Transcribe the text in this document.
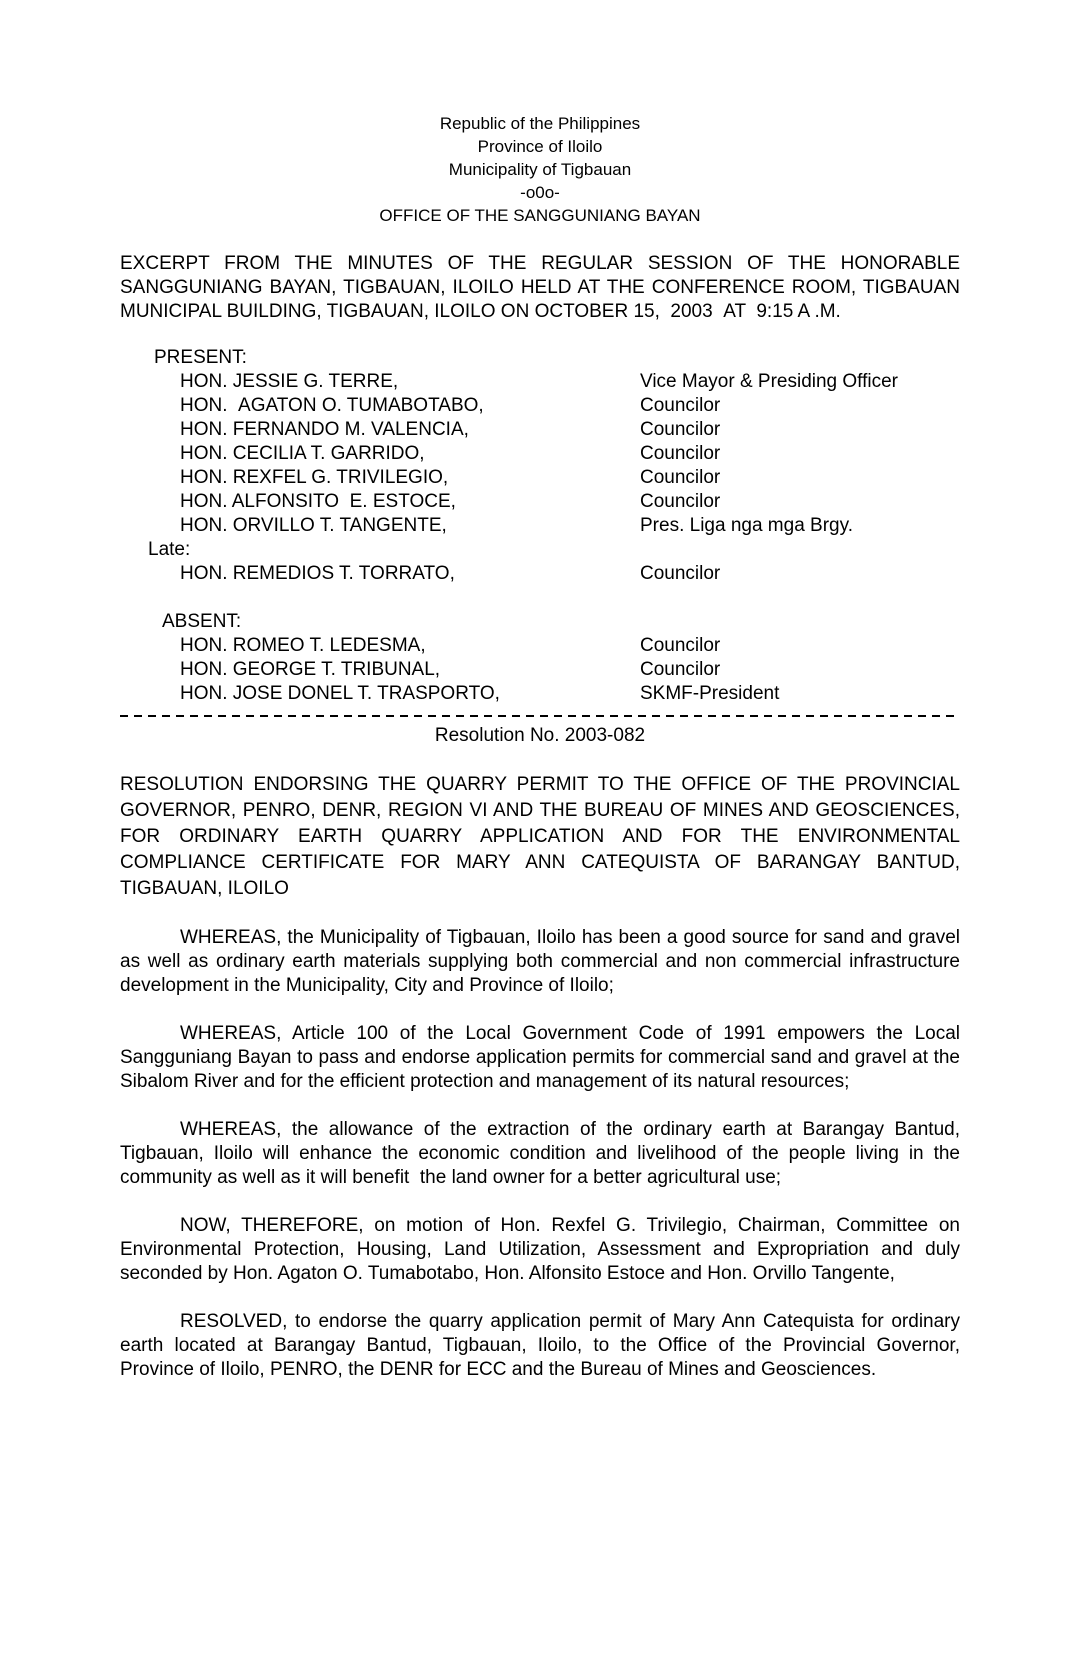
Republic of the Philippines
Province of Iloilo
Municipality of Tigbauan
-o0o-
OFFICE OF THE SANGGUNIANG BAYAN

EXCERPT FROM THE MINUTES OF THE REGULAR SESSION OF THE HONORABLE SANGGUNIANG BAYAN, TIGBAUAN, ILOILO HELD AT THE CONFERENCE ROOM, TIGBAUAN MUNICIPAL BUILDING, TIGBAUAN, ILOILO ON OCTOBER 15,  2003  AT  9:15 A .M.

PRESENT:
HON. JESSIE G. TERRE,	Vice Mayor & Presiding Officer
HON.  AGATON O. TUMABOTABO,	Councilor
HON. FERNANDO M. VALENCIA,	Councilor
HON. CECILIA T. GARRIDO,	Councilor
HON. REXFEL G. TRIVILEGIO,	Councilor
HON. ALFONSITO  E. ESTOCE,	Councilor
HON. ORVILLO T. TANGENTE,	Pres. Liga nga mga Brgy.
Late:
HON. REMEDIOS T. TORRATO,	Councilor
ABSENT:
HON. ROMEO T. LEDESMA,	Councilor
HON. GEORGE T. TRIBUNAL,	Councilor
HON. JOSE DONEL T. TRASPORTO,	SKMF-President
Resolution No. 2003-082

RESOLUTION ENDORSING THE QUARRY PERMIT TO THE OFFICE OF THE PROVINCIAL GOVERNOR, PENRO, DENR, REGION VI AND THE BUREAU OF MINES AND GEOSCIENCES, FOR ORDINARY EARTH QUARRY APPLICATION AND FOR THE ENVIRONMENTAL COMPLIANCE CERTIFICATE FOR MARY ANN CATEQUISTA OF BARANGAY BANTUD, TIGBAUAN, ILOILO

WHEREAS, the Municipality of Tigbauan, Iloilo has been a good source for sand and gravel as well as ordinary earth materials supplying both commercial and non commercial infrastructure development in the Municipality, City and Province of Iloilo;

WHEREAS, Article 100 of the Local Government Code of 1991 empowers the Local Sangguniang Bayan to pass and endorse application permits for commercial sand and gravel at the Sibalom River and for the efficient protection and management of its natural resources;

WHEREAS, the allowance of the extraction of the ordinary earth at Barangay Bantud, Tigbauan, Iloilo will enhance the economic condition and livelihood of the people living in the community as well as it will benefit  the land owner for a better agricultural use;

NOW, THEREFORE, on motion of Hon. Rexfel G. Trivilegio, Chairman, Committee on Environmental Protection, Housing, Land Utilization, Assessment and Expropriation and duly seconded by Hon. Agaton O. Tumabotabo, Hon. Alfonsito Estoce and Hon. Orvillo Tangente,

RESOLVED, to endorse the quarry application permit of Mary Ann Catequista for ordinary earth located at Barangay Bantud, Tigbauan, Iloilo, to the Office of the Provincial Governor, Province of Iloilo, PENRO, the DENR for ECC and the Bureau of Mines and Geosciences.
